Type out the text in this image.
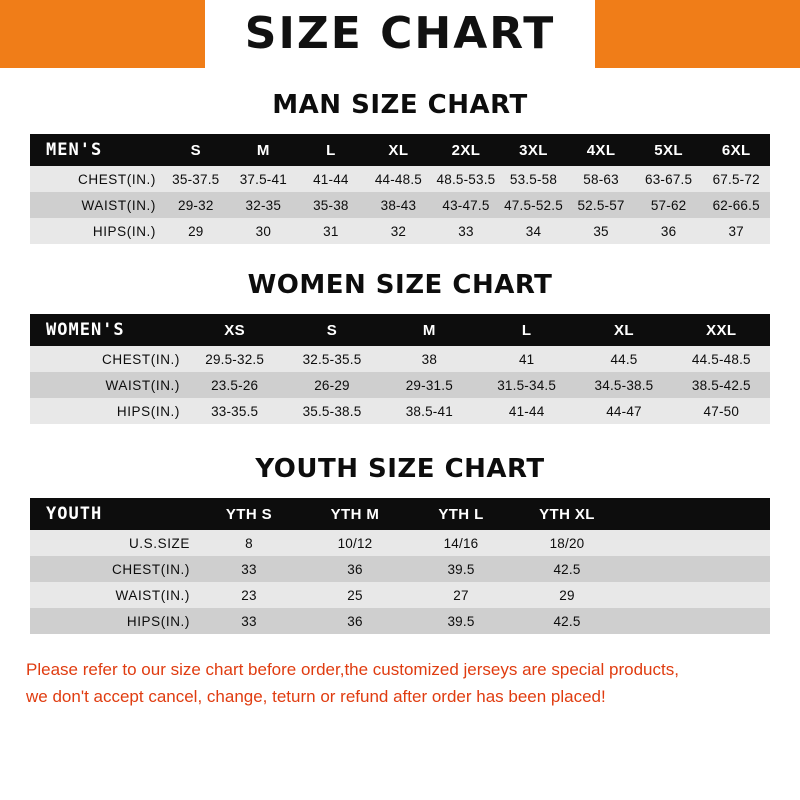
SIZE CHART
MAN SIZE CHART
MEN'S	S	M	L	XL	2XL	3XL	4XL	5XL	6XL
CHEST(IN.)	35-37.5	37.5-41	41-44	44-48.5	48.5-53.5	53.5-58	58-63	63-67.5	67.5-72
WAIST(IN.)	29-32	32-35	35-38	38-43	43-47.5	47.5-52.5	52.5-57	57-62	62-66.5
HIPS(IN.)	29	30	31	32	33	34	35	36	37
WOMEN SIZE CHART
WOMEN'S	XS	S	M	L	XL	XXL
CHEST(IN.)	29.5-32.5	32.5-35.5	38	41	44.5	44.5-48.5
WAIST(IN.)	23.5-26	26-29	29-31.5	31.5-34.5	34.5-38.5	38.5-42.5
HIPS(IN.)	33-35.5	35.5-38.5	38.5-41	41-44	44-47	47-50
YOUTH SIZE CHART
YOUTH	YTH S	YTH M	YTH L	YTH XL	
U.S.SIZE	8	10/12	14/16	18/20	
CHEST(IN.)	33	36	39.5	42.5	
WAIST(IN.)	23	25	27	29	
HIPS(IN.)	33	36	39.5	42.5	
Please refer to our size chart before order,the customized jerseys are special products,
we don't accept cancel, change, teturn or refund after order has been placed!
